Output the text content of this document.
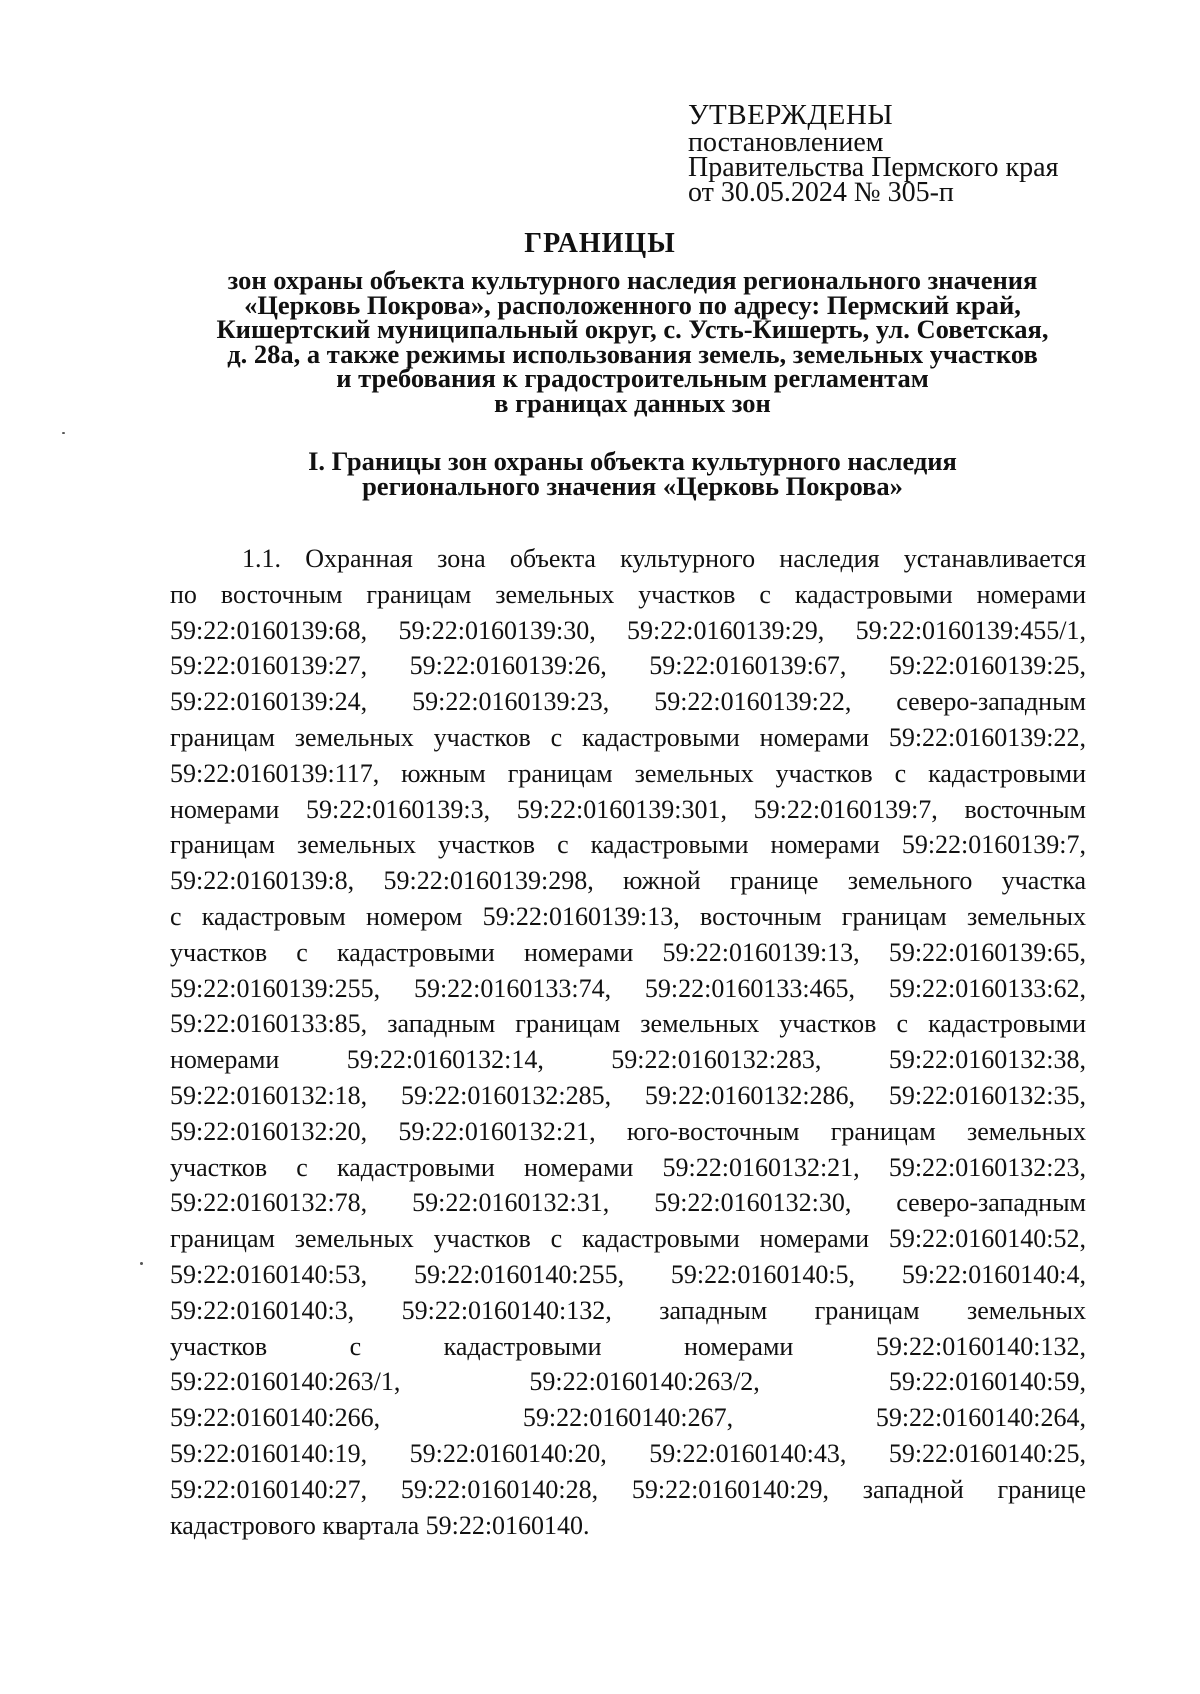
УТВЕРЖДЕНЫ
постановлением
Правительства Пермского края
от 30.05.2024 № 305-п
ГРАНИЦЫ
зон охраны объекта культурного наследия регионального значения
«Церковь Покрова», расположенного по адресу: Пермский край,
Кишертский муниципальный округ, с. Усть-Кишерть, ул. Советская,
д. 28а, а также режимы использования земель, земельных участков
и требования к градостроительным регламентам
в границах данных зон
I. Границы зон охраны объекта культурного наследия
регионального значения «Церковь Покрова»
1.1. Охранная зона объекта культурного наследия устанавливается
по восточным границам земельных участков с кадастровыми номерами
59:22:0160139:68, 59:22:0160139:30, 59:22:0160139:29, 59:22:0160139:455/1,
59:22:0160139:27, 59:22:0160139:26, 59:22:0160139:67, 59:22:0160139:25,
59:22:0160139:24, 59:22:0160139:23, 59:22:0160139:22, северо-западным
границам земельных участков с кадастровыми номерами 59:22:0160139:22,
59:22:0160139:117, южным границам земельных участков с кадастровыми
номерами 59:22:0160139:3, 59:22:0160139:301, 59:22:0160139:7, восточным
границам земельных участков с кадастровыми номерами 59:22:0160139:7,
59:22:0160139:8, 59:22:0160139:298, южной границе земельного участка
с кадастровым номером 59:22:0160139:13, восточным границам земельных
участков с кадастровыми номерами 59:22:0160139:13, 59:22:0160139:65,
59:22:0160139:255, 59:22:0160133:74, 59:22:0160133:465, 59:22:0160133:62,
59:22:0160133:85, западным границам земельных участков с кадастровыми
номерами 59:22:0160132:14, 59:22:0160132:283, 59:22:0160132:38,
59:22:0160132:18, 59:22:0160132:285, 59:22:0160132:286, 59:22:0160132:35,
59:22:0160132:20, 59:22:0160132:21, юго-восточным границам земельных
участков с кадастровыми номерами 59:22:0160132:21, 59:22:0160132:23,
59:22:0160132:78, 59:22:0160132:31, 59:22:0160132:30, северо-западным
границам земельных участков с кадастровыми номерами 59:22:0160140:52,
59:22:0160140:53, 59:22:0160140:255, 59:22:0160140:5, 59:22:0160140:4,
59:22:0160140:3, 59:22:0160140:132, западным границам земельных
участков с кадастровыми номерами 59:22:0160140:132,
59:22:0160140:263/1, 59:22:0160140:263/2, 59:22:0160140:59,
59:22:0160140:266, 59:22:0160140:267, 59:22:0160140:264,
59:22:0160140:19, 59:22:0160140:20, 59:22:0160140:43, 59:22:0160140:25,
59:22:0160140:27, 59:22:0160140:28, 59:22:0160140:29, западной границе
кадастрового квартала 59:22:0160140.
